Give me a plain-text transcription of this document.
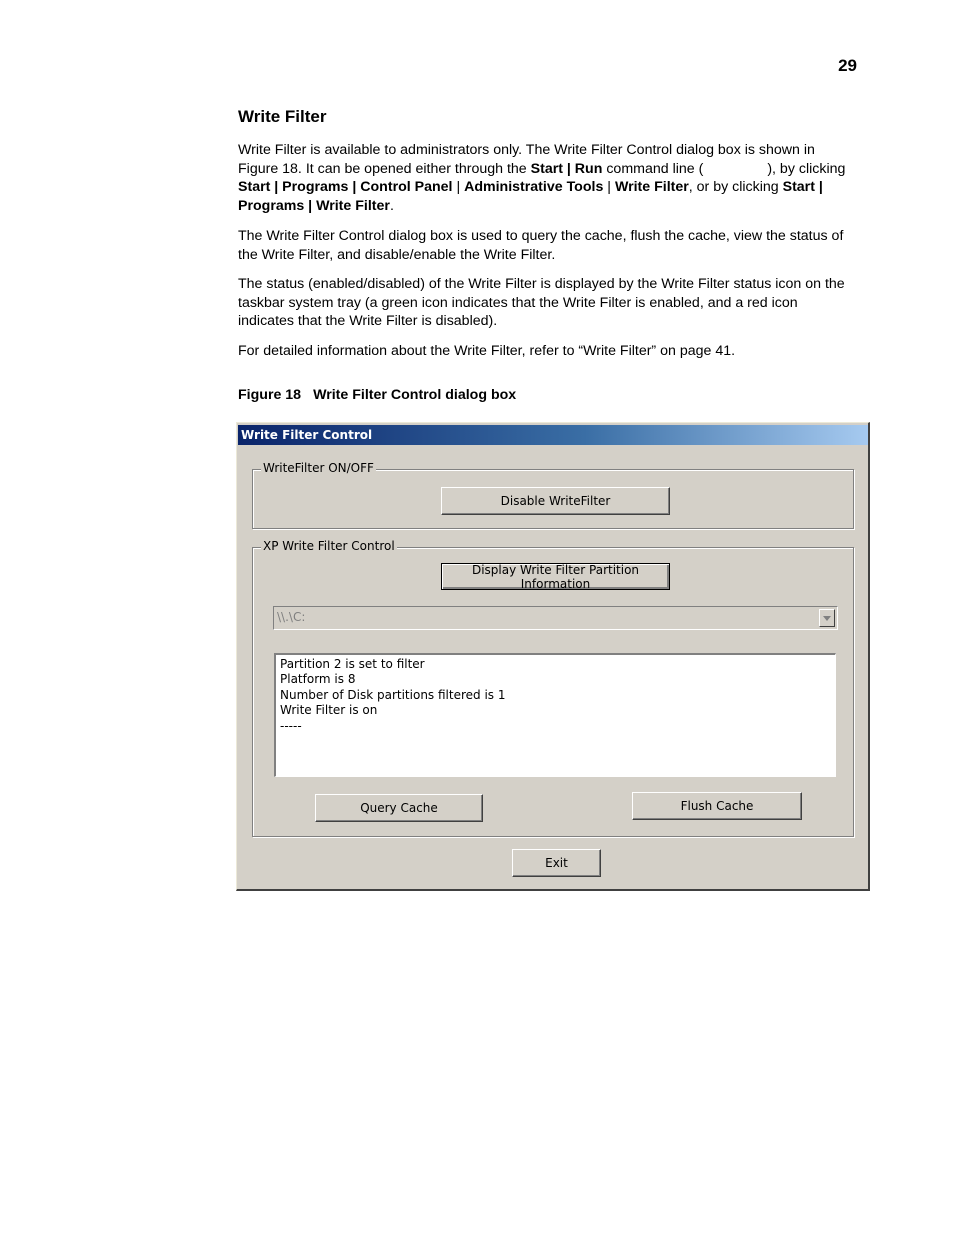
29
Write Filter
Write Filter is available to administrators only. The Write Filter Control dialog box is shown in Figure 18. It can be opened either through the Start | Run command line (	), by clicking Start | Programs | Control Panel | Administrative Tools | Write Filter, or by clicking Start | Programs | Write Filter.
The Write Filter Control dialog box is used to query the cache, flush the cache, view the status of the Write Filter, and disable/enable the Write Filter.
The status (enabled/disabled) of the Write Filter is displayed by the Write Filter status icon on the taskbar system tray (a green icon indicates that the Write Filter is enabled, and a red icon indicates that the Write Filter is disabled).
For detailed information about the Write Filter, refer to “Write Filter” on page 41.
Figure 18 Write Filter Control dialog box
Write Filter Control
WriteFilter ON/OFF
Disable WriteFilter
XP Write Filter Control
Display Write Filter Partition Information
\\.\C:
Partition 2 is set to filter
Platform is 8
Number of Disk partitions filtered is 1
Write Filter is on
-----
Query Cache	Flush Cache
Exit
